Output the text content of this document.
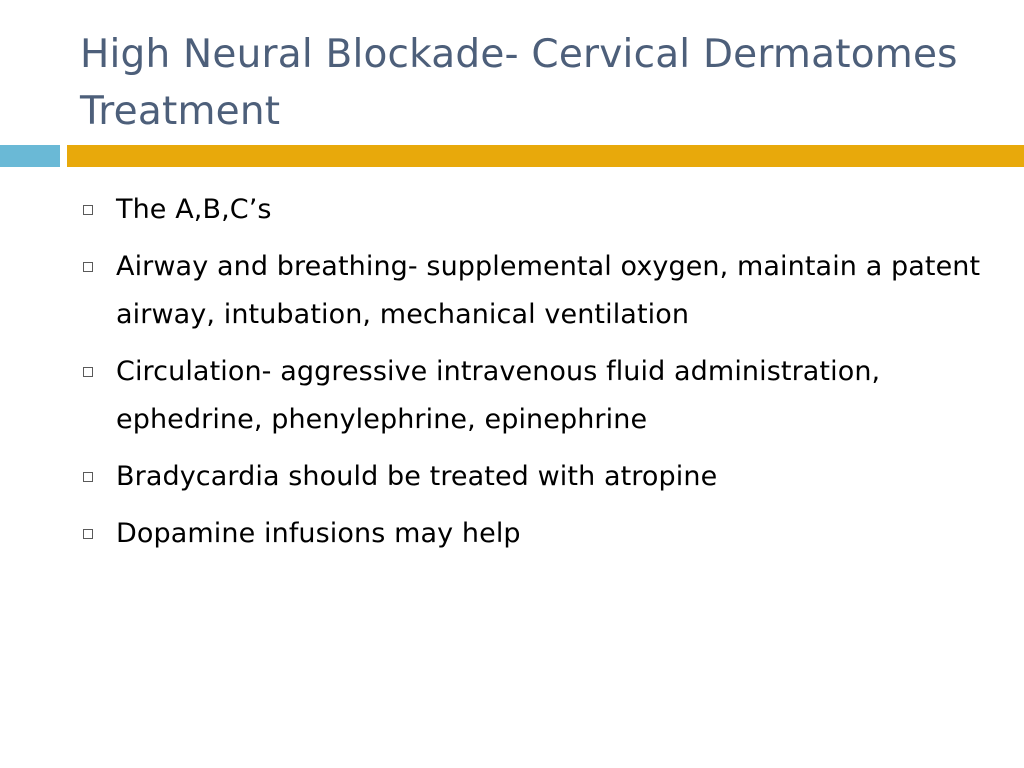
High Neural Blockade- Cervical Dermatomes Treatment
The A,B,C’s
Airway and breathing- supplemental oxygen, maintain a patent airway, intubation, mechanical ventilation
Circulation- aggressive intravenous fluid administration, ephedrine, phenylephrine, epinephrine
Bradycardia should be treated with atropine
Dopamine infusions may help
